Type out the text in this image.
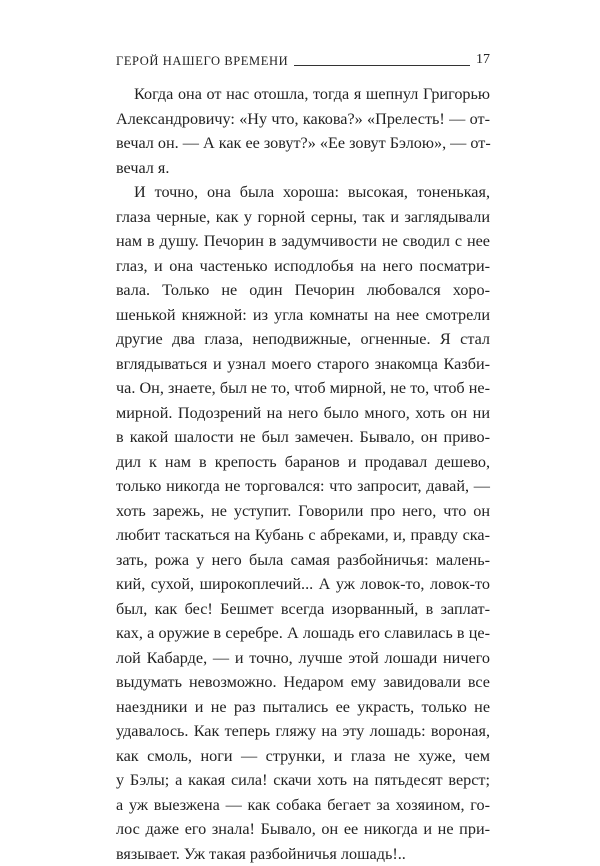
ГЕРОЙ НАШЕГО ВРЕМЕНИ	17
Когда она от нас отошла, тогда я шепнул Григорью
Александровичу: «Ну что, какова?» «Прелесть! — от-
вечал он. — А как ее зовут?» «Ее зовут Бэлою», — от-
вечал я.
И точно, она была хороша: высокая, тоненькая,
глаза черные, как у горной серны, так и заглядывали
нам в душу. Печорин в задумчивости не сводил с нее
глаз, и она частенько исподлобья на него посматри-
вала. Только не один Печорин любовался хоро-
шенькой княжной: из угла комнаты на нее смотрели
другие два глаза, неподвижные, огненные. Я стал
вглядываться и узнал моего старого знакомца Казби-
ча. Он, знаете, был не то, чтоб мирной, не то, чтоб не-
мирной. Подозрений на него было много, хоть он ни
в какой шалости не был замечен. Бывало, он приво-
дил к нам в крепость баранов и продавал дешево,
только никогда не торговался: что запросит, давай, —
хоть зарежь, не уступит. Говорили про него, что он
любит таскаться на Кубань с абреками, и, правду ска-
зать, рожа у него была самая разбойничья: малень-
кий, сухой, широкоплечий... А уж ловок-то, ловок-то
был, как бес! Бешмет всегда изорванный, в заплат-
ках, а оружие в серебре. А лошадь его славилась в це-
лой Кабарде, — и точно, лучше этой лошади ничего
выдумать невозможно. Недаром ему завидовали все
наездники и не раз пытались ее украсть, только не
удавалось. Как теперь гляжу на эту лошадь: вороная,
как смоль, ноги — струнки, и глаза не хуже, чем
у Бэлы; а какая сила! скачи хоть на пятьдесят верст;
а уж выезжена — как собака бегает за хозяином, го-
лос даже его знала! Бывало, он ее никогда и не при-
вязывает. Уж такая разбойничья лошадь!..
